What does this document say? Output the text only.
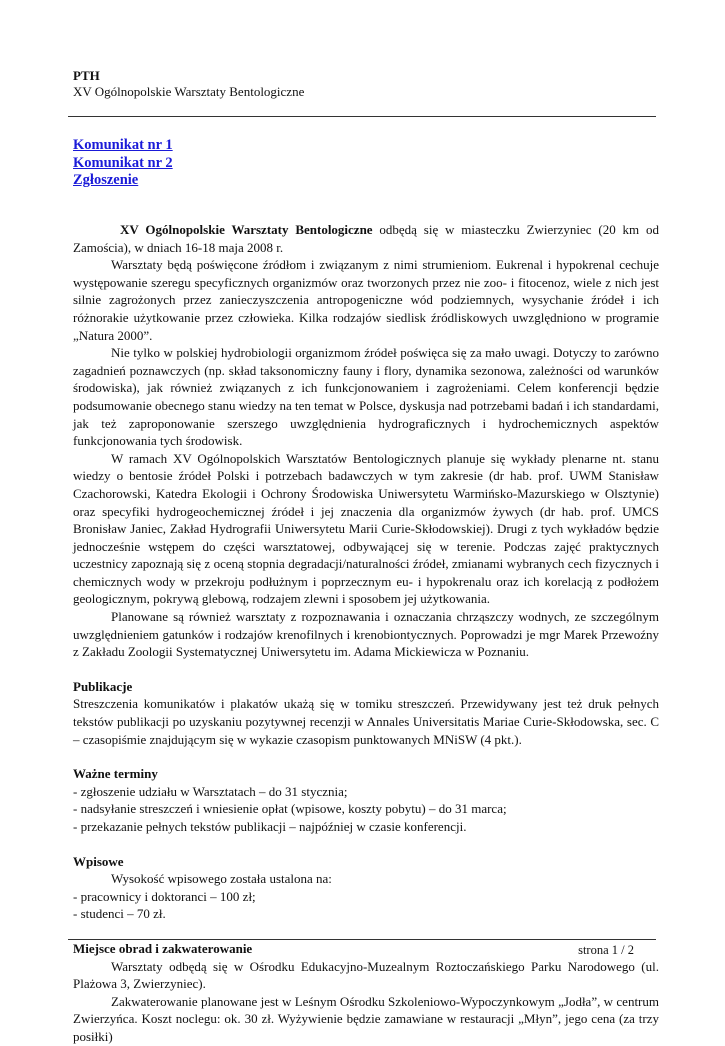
PTH
XV Ogólnopolskie Warsztaty Bentologiczne
Komunikat nr 1
Komunikat nr 2
Zgłoszenie

XV Ogólnopolskie Warsztaty Bentologiczne odbędą się w miasteczku Zwierzyniec (20 km od Zamościa), w dniach 16-18 maja 2008 r.

Warsztaty będą poświęcone źródłom i związanym z nimi strumieniom. Eukrenal i hypokrenal cechuje występowanie szeregu specyficznych organizmów oraz tworzonych przez nie zoo- i fitocenoz, wiele z nich jest silnie zagrożonych przez zanieczyszczenia antropogeniczne wód podziemnych, wysychanie źródeł i ich różnorakie użytkowanie przez człowieka. Kilka rodzajów siedlisk źródliskowych uwzględniono w programie „Natura 2000”.

Nie tylko w polskiej hydrobiologii organizmom źródeł poświęca się za mało uwagi. Dotyczy to zarówno zagadnień poznawczych (np. skład taksonomiczny fauny i flory, dynamika sezonowa, zależności od warunków środowiska), jak również związanych z ich funkcjonowaniem i zagrożeniami. Celem konferencji będzie podsumowanie obecnego stanu wiedzy na ten temat w Polsce, dyskusja nad potrzebami badań i ich standardami, jak też zaproponowanie szerszego uwzględnienia hydrograficznych i hydrochemicznych aspektów funkcjonowania tych środowisk.

W ramach XV Ogólnopolskich Warsztatów Bentologicznych planuje się wykłady plenarne nt. stanu wiedzy o bentosie źródeł Polski i potrzebach badawczych w tym zakresie (dr hab. prof. UWM Stanisław Czachorowski, Katedra Ekologii i Ochrony Środowiska Uniwersytetu Warmińsko-Mazurskiego w Olsztynie) oraz specyfiki hydrogeochemicznej źródeł i jej znaczenia dla organizmów żywych (dr hab. prof. UMCS Bronisław Janiec, Zakład Hydrografii Uniwersytetu Marii Curie-Skłodowskiej). Drugi z tych wykładów będzie jednocześnie wstępem do części warsztatowej, odbywającej się w terenie. Podczas zajęć praktycznych uczestnicy zapoznają się z oceną stopnia degradacji/naturalności źródeł, zmianami wybranych cech fizycznych i chemicznych wody w przekroju podłużnym i poprzecznym eu- i hypokrenalu oraz ich korelacją z podłożem geologicznym, pokrywą glebową, rodzajem zlewni i sposobem jej użytkowania.

Planowane są również warsztaty z rozpoznawania i oznaczania chrząszczy wodnych, ze szczególnym uwzględnieniem gatunków i rodzajów krenofilnych i krenobiontycznych. Poprowadzi je mgr Marek Przewoźny z Zakładu Zoologii Systematycznej Uniwersytetu im. Adama Mickiewicza w Poznaniu.

Publikacje

Streszczenia komunikatów i plakatów ukażą się w tomiku streszczeń. Przewidywany jest też druk pełnych tekstów publikacji po uzyskaniu pozytywnej recenzji w Annales Universitatis Mariae Curie-Skłodowska, sec. C – czasopiśmie znajdującym się w wykazie czasopism punktowanych MNiSW (4 pkt.).

Ważne terminy

- zgłoszenie udziału w Warsztatach – do 31 stycznia;

- nadsyłanie streszczeń i wniesienie opłat (wpisowe, koszty pobytu) – do 31 marca;

- przekazanie pełnych tekstów publikacji – najpóźniej w czasie konferencji.

Wpisowe

Wysokość wpisowego została ustalona na:

- pracownicy i doktoranci – 100 zł;

- studenci – 70 zł.

Miejsce obrad i zakwaterowanie

Warsztaty odbędą się w Ośrodku Edukacyjno-Muzealnym Roztoczańskiego Parku Narodowego (ul. Plażowa 3, Zwierzyniec).

Zakwaterowanie planowane jest w Leśnym Ośrodku Szkoleniowo-Wypoczynkowym „Jodła”, w centrum Zwierzyńca. Koszt noclegu: ok. 30 zł. Wyżywienie będzie zamawiane w restauracji „Młyn”, jego cena (za trzy posiłki)

strona 1 / 2
